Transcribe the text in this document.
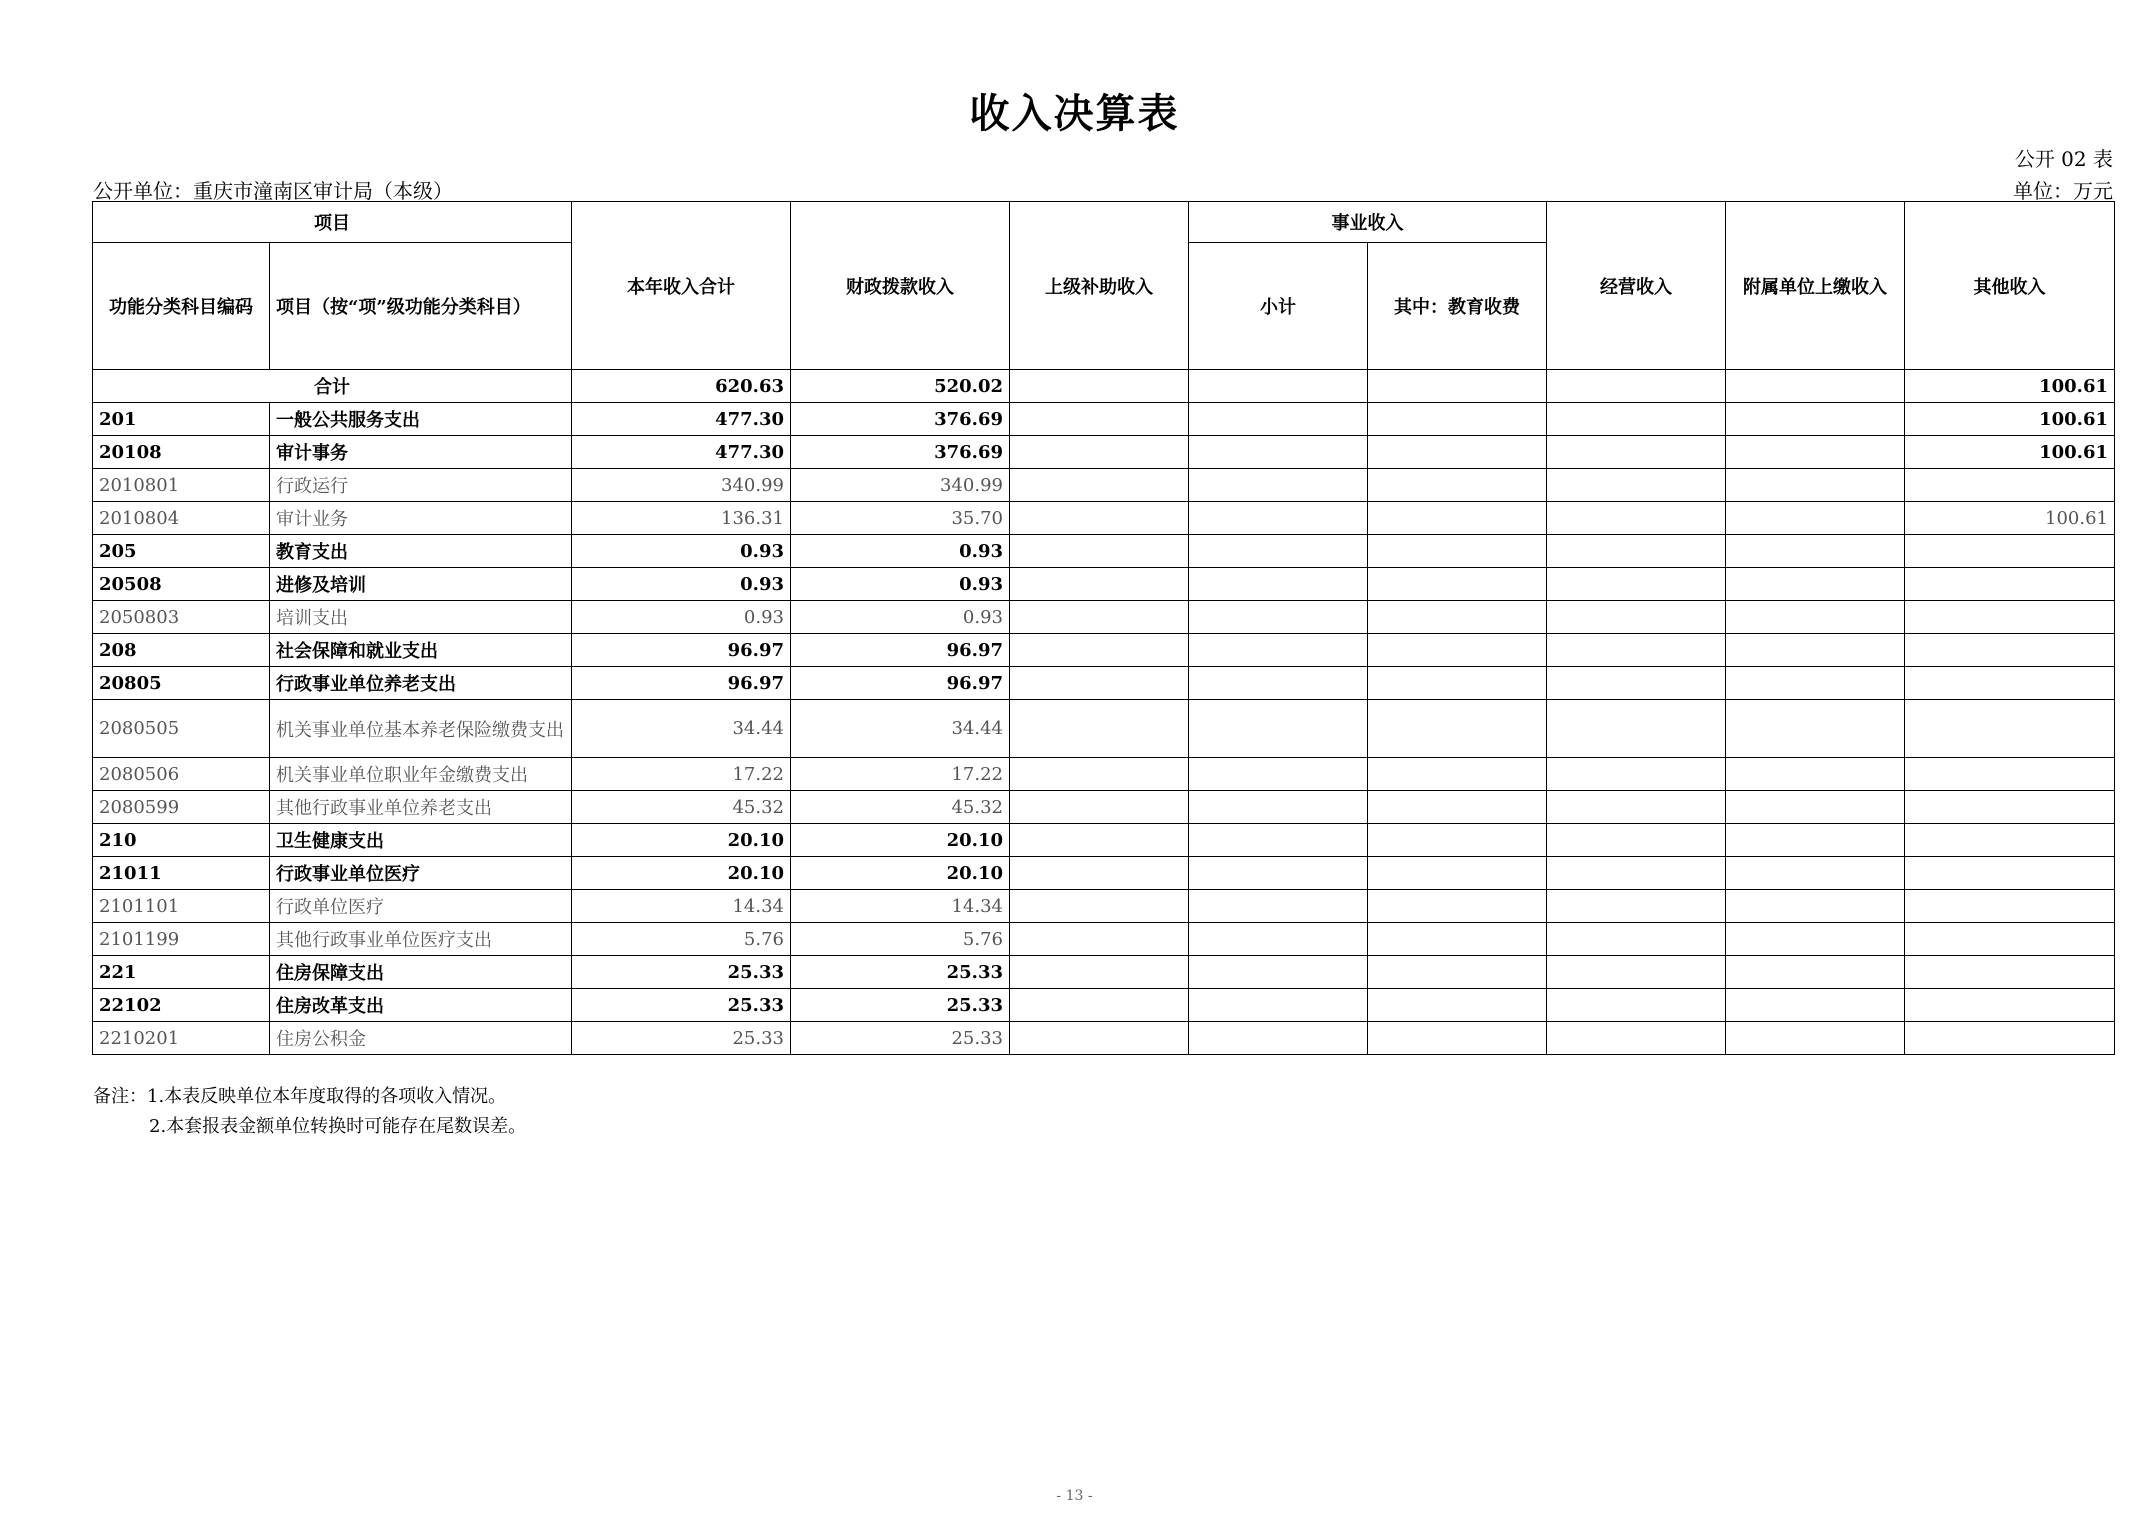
收入决算表
公开 02 表
公开单位：重庆市潼南区审计局（本级）	单位：万元
项目		本年收入合计	财政拨款收入	上级补助收入	事业收入		经营收入	附属单位上缴收入	其他收入
功能分类科目编码	项目（按“项”级功能分类科目）				小计	其中：教育收费			
合计		620.63	520.02						100.61
201	一般公共服务支出	477.30	376.69						100.61
20108	审计事务	477.30	376.69						100.61
2010801	行政运行	340.99	340.99						
2010804	审计业务	136.31	35.70						100.61
205	教育支出	0.93	0.93						
20508	进修及培训	0.93	0.93						
2050803	培训支出	0.93	0.93						
208	社会保障和就业支出	96.97	96.97						
20805	行政事业单位养老支出	96.97	96.97						
2080505	机关事业单位基本养老保险缴费支出	34.44	34.44						
2080506	机关事业单位职业年金缴费支出	17.22	17.22						
2080599	其他行政事业单位养老支出	45.32	45.32						
210	卫生健康支出	20.10	20.10						
21011	行政事业单位医疗	20.10	20.10						
2101101	行政单位医疗	14.34	14.34						
2101199	其他行政事业单位医疗支出	5.76	5.76						
221	住房保障支出	25.33	25.33						
22102	住房改革支出	25.33	25.33						
2210201	住房公积金	25.33	25.33						
备注：1.本表反映单位本年度取得的各项收入情况。
2.本套报表金额单位转换时可能存在尾数误差。
- 13 -
